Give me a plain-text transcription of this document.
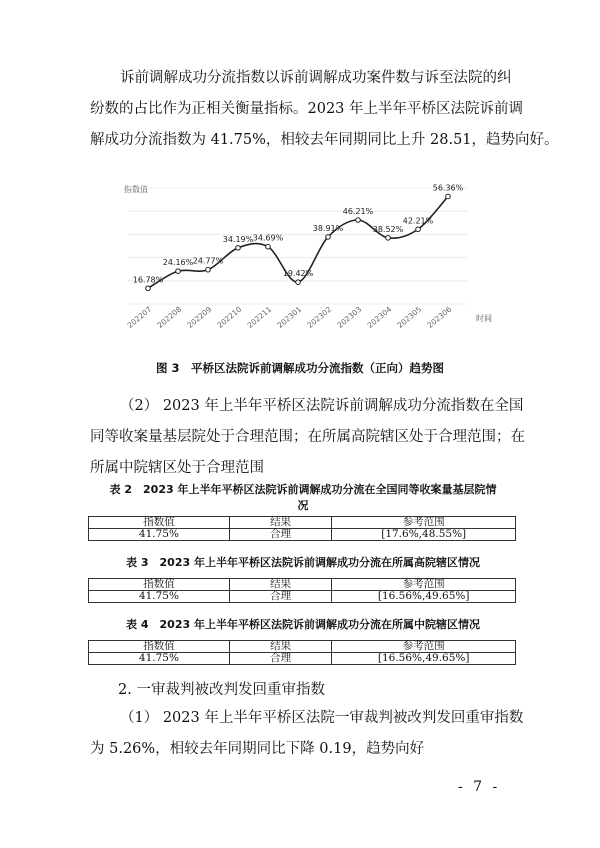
诉前调解成功分流指数以诉前调解成功案件数与诉至法院的纠
纷数的占比作为正相关衡量指标。2023 年上半年平桥区法院诉前调
解成功分流指数为 41.75%，相较去年同期同比上升 28.51，趋势向好。

指数值
时间
16.78%
24.16% 24.77%
34.19% 34.69%
19.42%
38.91%
46.21%
38.52%
42.21%
56.36%
202207 202208 202209 202210 202211 202301 202302 202303 202304 202305 202306
图 3　平桥区法院诉前调解成功分流指数（正向）趋势图

（2） 2023 年上半年平桥区法院诉前调解成功分流指数在全国
同等收案量基层院处于合理范围；在所属高院辖区处于合理范围；在
所属中院辖区处于合理范围

表 2　2023 年上半年平桥区法院诉前调解成功分流在全国同等收案量基层院情
况
指数值	结果	参考范围
41.75%	合理	[17.6%,48.55%]
表 3　2023 年上半年平桥区法院诉前调解成功分流在所属高院辖区情况
指数值	结果	参考范围
41.75%	合理	[16.56%,49.65%]
表 4　2023 年上半年平桥区法院诉前调解成功分流在所属中院辖区情况
指数值	结果	参考范围
41.75%	合理	[16.56%,49.65%]
2. 一审裁判被改判发回重审指数

（1） 2023 年上半年平桥区法院一审裁判被改判发回重审指数
为 5.26%，相较去年同期同比下降 0.19，趋势向好

- 7 -
